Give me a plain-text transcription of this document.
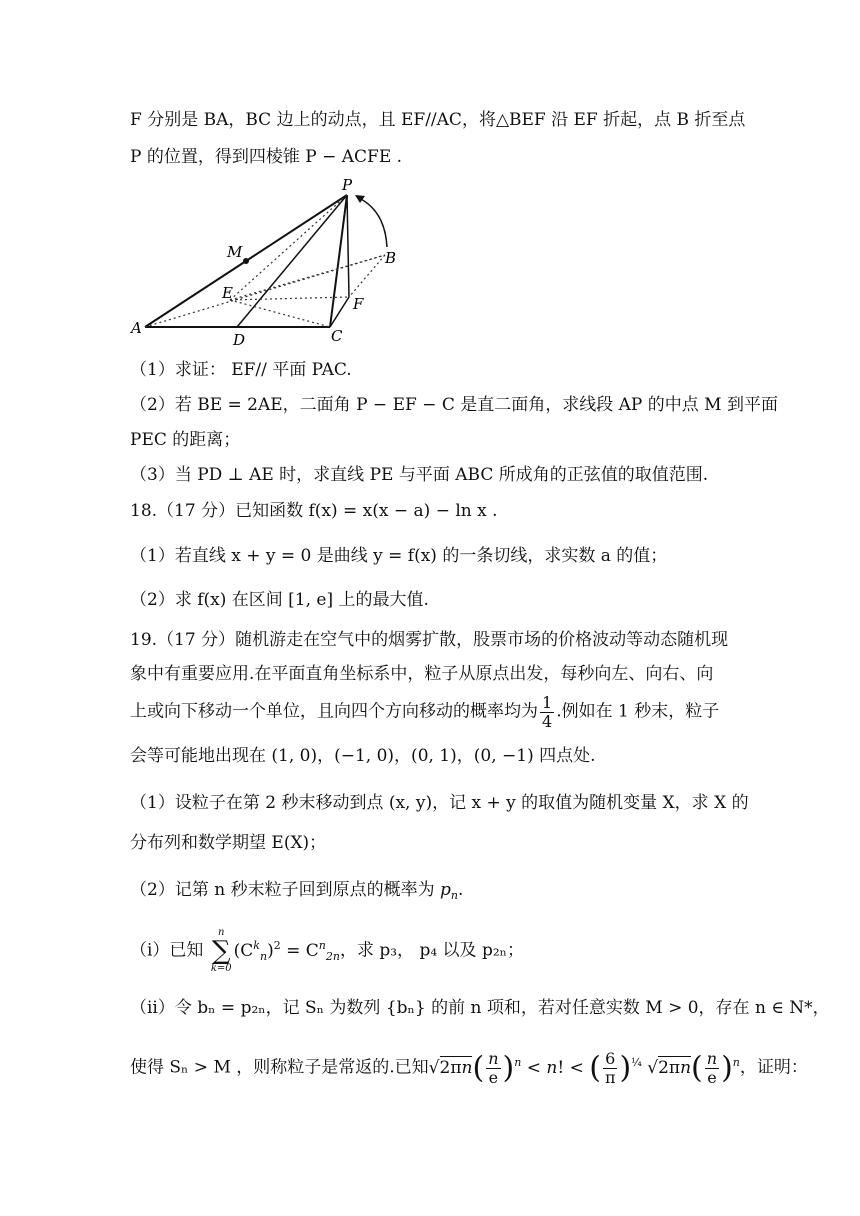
F 分别是 BA，BC 边上的动点，且 EF//AC，将△BEF 沿 EF 折起，点 B 折至点
P 的位置，得到四棱锥 P − ACFE .
P
M	B
E
F
A
D	C
（1）求证： EF// 平面 PAC.
（2）若 BE = 2AE，二面角 P − EF − C 是直二面角，求线段 AP 的中点 M 到平面
PEC 的距离；
（3）当 PD ⊥ AE 时，求直线 PE 与平面 ABC 所成角的正弦值的取值范围.
18.（17 分）已知函数 f(x) = x(x − a) − ln x .
（1）若直线 x + y = 0 是曲线 y = f(x) 的一条切线，求实数 a 的值；
（2）求 f(x) 在区间 [1, e] 上的最大值.
19.（17 分）随机游走在空气中的烟雾扩散，股票市场的价格波动等动态随机现
象中有重要应用.在平面直角坐标系中，粒子从原点出发，每秒向左、向右、向
上或向下移动一个单位，且向四个方向移动的概率均为 $\frac{1}{4}$ .例如在 1 秒末，粒子
会等可能地出现在 (1, 0)，(−1, 0)，(0, 1)，(0, −1) 四点处.
（1）设粒子在第 2 秒末移动到点 (x, y)，记 x + y 的取值为随机变量 X，求 X 的
分布列和数学期望 E(X)；
（2）记第 n 秒末粒子回到原点的概率为 $p_n$.
（i）已知
n
∑
k=0
$(C^k_n)^2 = C^n_{2n}$，求 p₃， p₄ 以及 p₂ₙ；
（ii）令 bₙ = p₂ₙ，记 Sₙ 为数列 {bₙ} 的前 n 项和，若对任意实数 M > 0，存在 n ∈ N*，
使得 Sₙ > M ，则称粒子是常返的.已知$√2\pi n( \frac{n}{e} )^n < n$! < ( $\frac{6}{\pi} )^{\frac{1}{4}}$ $√2\pi n( \frac{n}{e} )^n$，证明：
